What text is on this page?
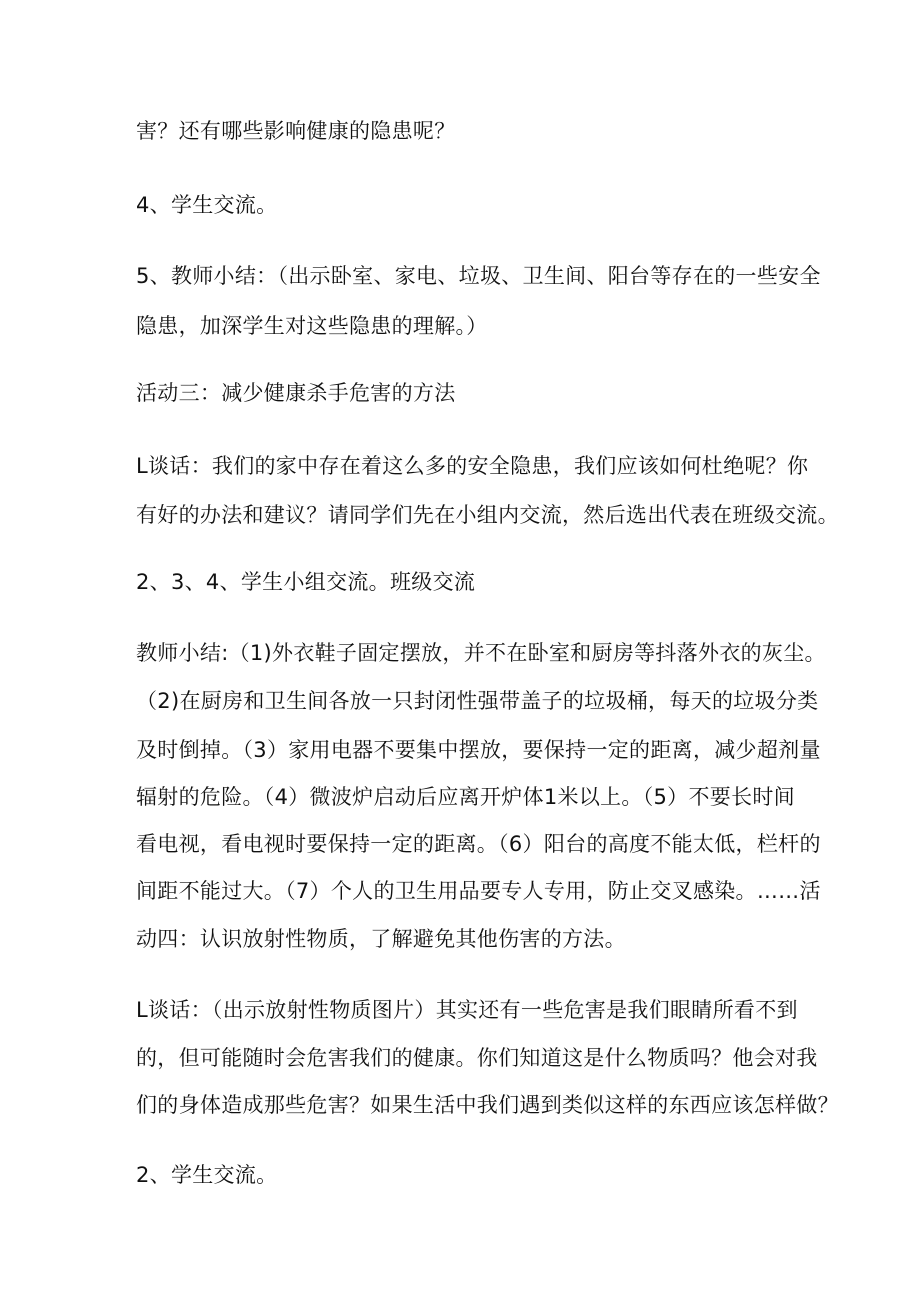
害？还有哪些影响健康的隐患呢？
4、学生交流。
5、教师小结：（出示卧室、家电、垃圾、卫生间、阳台等存在的一些安全
隐患，加深学生对这些隐患的理解。）
活动三：减少健康杀手危害的方法
L谈话：我们的家中存在着这么多的安全隐患，我们应该如何杜绝呢？你
有好的办法和建议？请同学们先在小组内交流，然后选出代表在班级交流。
2、3、4、学生小组交流。班级交流
教师小结:（1)外衣鞋子固定摆放，并不在卧室和厨房等抖落外衣的灰尘。
（2)在厨房和卫生间各放一只封闭性强带盖子的垃圾桶，每天的垃圾分类
及时倒掉。（3）家用电器不要集中摆放，要保持一定的距离，减少超剂量
辐射的危险。（4）微波炉启动后应离开炉体1米以上。（5）不要长时间
看电视，看电视时要保持一定的距离。（6）阳台的高度不能太低，栏杆的
间距不能过大。（7）个人的卫生用品要专人专用，防止交叉感染。……活
动四：认识放射性物质，了解避免其他伤害的方法。
L谈话：（出示放射性物质图片）其实还有一些危害是我们眼睛所看不到
的，但可能随时会危害我们的健康。你们知道这是什么物质吗？他会对我
们的身体造成那些危害？如果生活中我们遇到类似这样的东西应该怎样做？
2、学生交流。
